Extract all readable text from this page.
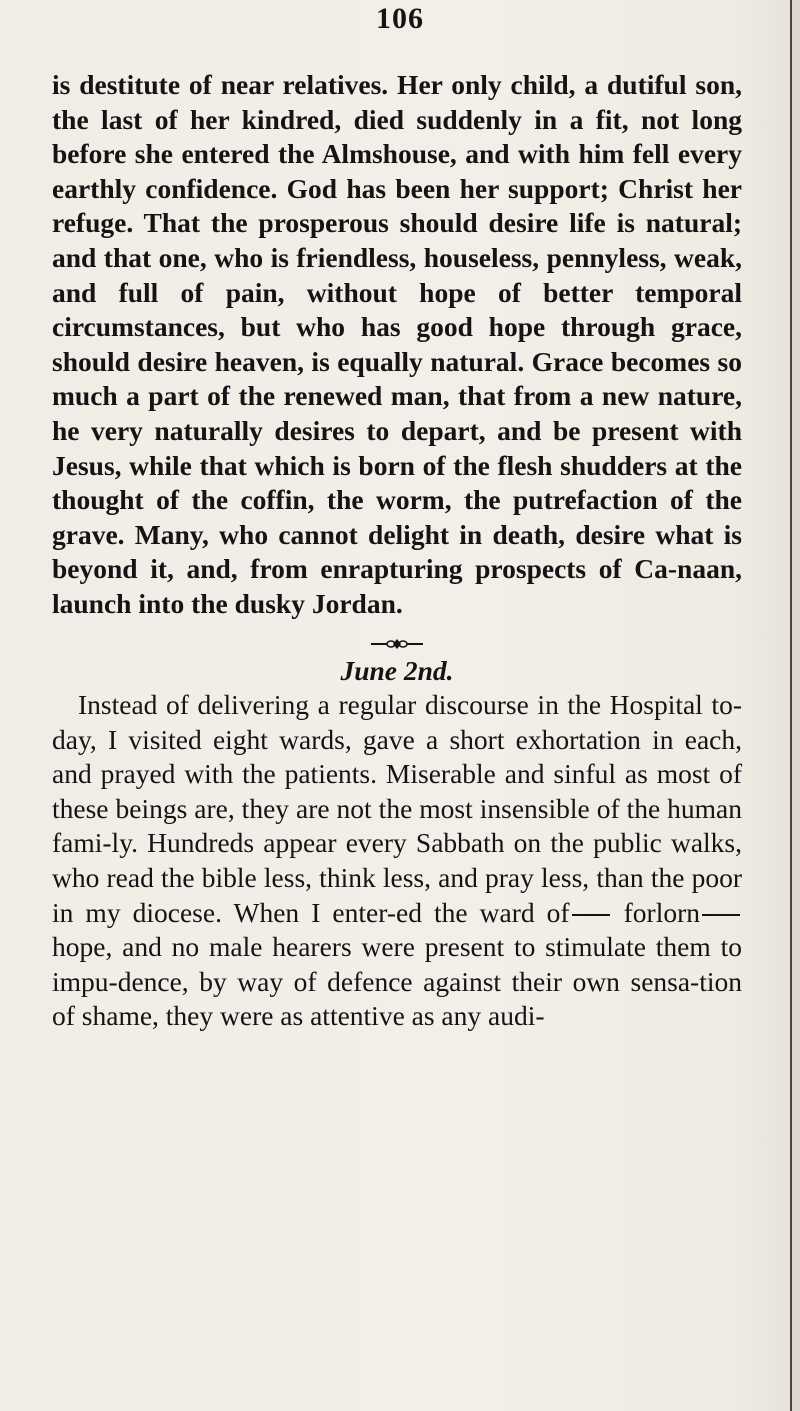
106

is destitute of near relatives. Her only child, a dutiful son, the last of her kindred, died suddenly in a fit, not long before she entered the Almshouse, and with him fell every earthly confidence. God has been her support; Christ her refuge. That the prosperous should desire life is natural; and that one, who is friendless, houseless, pennyless, weak, and full of pain, without hope of better temporal circumstances, but who has good hope through grace, should desire heaven, is equally natural. Grace becomes so much a part of the renewed man, that from a new nature, he very naturally desires to depart, and be present with Jesus, while that which is born of the flesh shudders at the thought of the coffin, the worm, the putrefaction of the grave. Many, who cannot delight in death, desire what is beyond it, and, from enrapturing prospects of Ca-naan, launch into the dusky Jordan.

June 2nd.

Instead of delivering a regular discourse in the Hospital to-day, I visited eight wards, gave a short exhortation in each, and prayed with the patients. Miserable and sinful as most of these beings are, they are not the most insensible of the human fami-ly. Hundreds appear every Sabbath on the public walks, who read the bible less, think less, and pray less, than the poor in my diocese. When I enter-ed the ward of forlorn hope, and no male hearers were present to stimulate them to impu-dence, by way of defence against their own sensa-tion of shame, they were as attentive as any audi-
